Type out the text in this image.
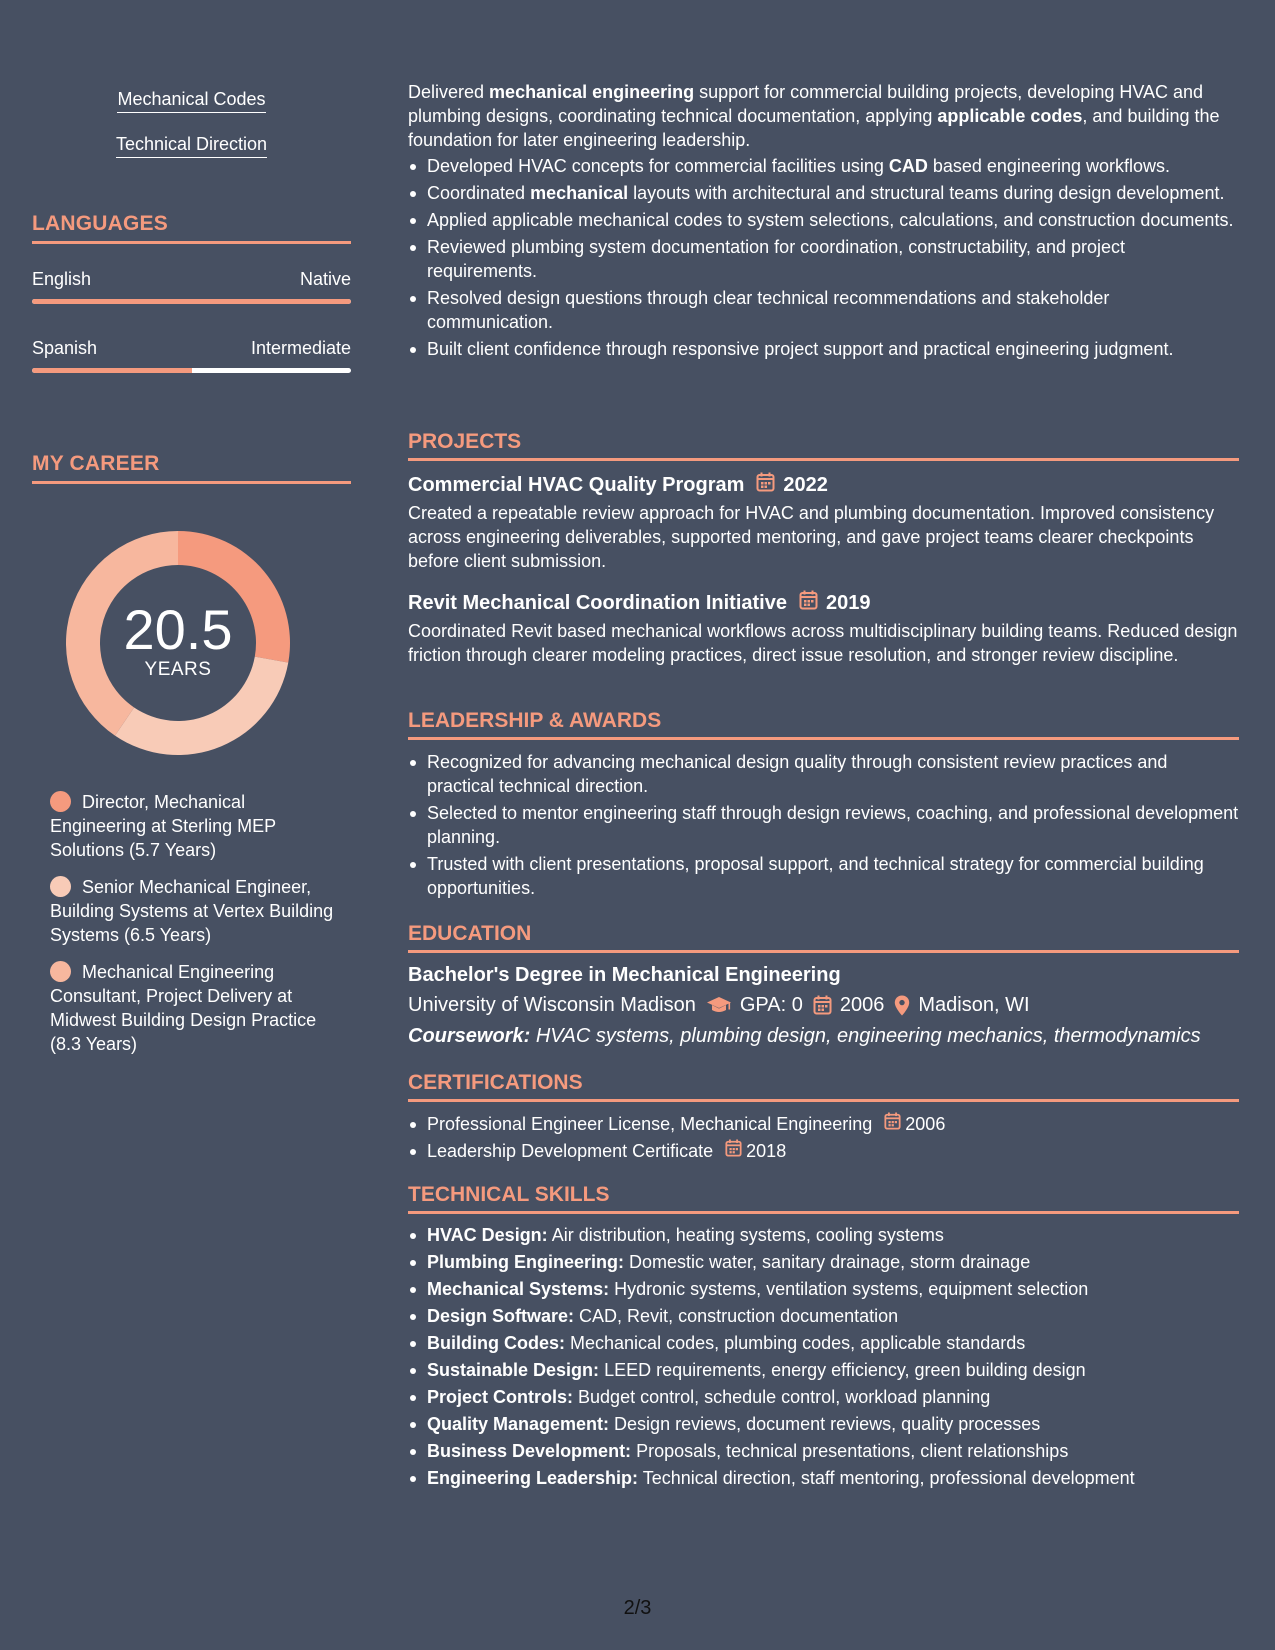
Mechanical Codes
Technical Direction
LANGUAGES
English	Native
Spanish	Intermediate
MY CAREER
20.5
YEARS
Director, Mechanical Engineering at Sterling MEP Solutions (5.7 Years)
Senior Mechanical Engineer, Building Systems at Vertex Building Systems (6.5 Years)
Mechanical Engineering Consultant, Project Delivery at Midwest Building Design Practice (8.3 Years)

Delivered mechanical engineering support for commercial building projects, developing HVAC and plumbing designs, coordinating technical documentation, applying applicable codes, and building the foundation for later engineering leadership.

Developed HVAC concepts for commercial facilities using CAD based engineering workflows.
Coordinated mechanical layouts with architectural and structural teams during design development.
Applied applicable mechanical codes to system selections, calculations, and construction documents.
Reviewed plumbing system documentation for coordination, constructability, and project requirements.
Resolved design questions through clear technical recommendations and stakeholder communication.
Built client confidence through responsive project support and practical engineering judgment.
PROJECTS
Commercial HVAC Quality Program 2022

Created a repeatable review approach for HVAC and plumbing documentation. Improved consistency across engineering deliverables, supported mentoring, and gave project teams clearer checkpoints before client submission.

Revit Mechanical Coordination Initiative 2019

Coordinated Revit based mechanical workflows across multidisciplinary building teams. Reduced design friction through clearer modeling practices, direct issue resolution, and stronger review discipline.

LEADERSHIP & AWARDS
Recognized for advancing mechanical design quality through consistent review practices and practical technical direction.
Selected to mentor engineering staff through design reviews, coaching, and professional development planning.
Trusted with client presentations, proposal support, and technical strategy for commercial building opportunities.
EDUCATION
Bachelor's Degree in Mechanical Engineering
University of Wisconsin Madison GPA: 0 2006 Madison, WI
Coursework: HVAC systems, plumbing design, engineering mechanics, thermodynamics
CERTIFICATIONS
Professional Engineer License, Mechanical Engineering 2006
Leadership Development Certificate 2018
TECHNICAL SKILLS
HVAC Design: Air distribution, heating systems, cooling systems
Plumbing Engineering: Domestic water, sanitary drainage, storm drainage
Mechanical Systems: Hydronic systems, ventilation systems, equipment selection
Design Software: CAD, Revit, construction documentation
Building Codes: Mechanical codes, plumbing codes, applicable standards
Sustainable Design: LEED requirements, energy efficiency, green building design
Project Controls: Budget control, schedule control, workload planning
Quality Management: Design reviews, document reviews, quality processes
Business Development: Proposals, technical presentations, client relationships
Engineering Leadership: Technical direction, staff mentoring, professional development
2/3
